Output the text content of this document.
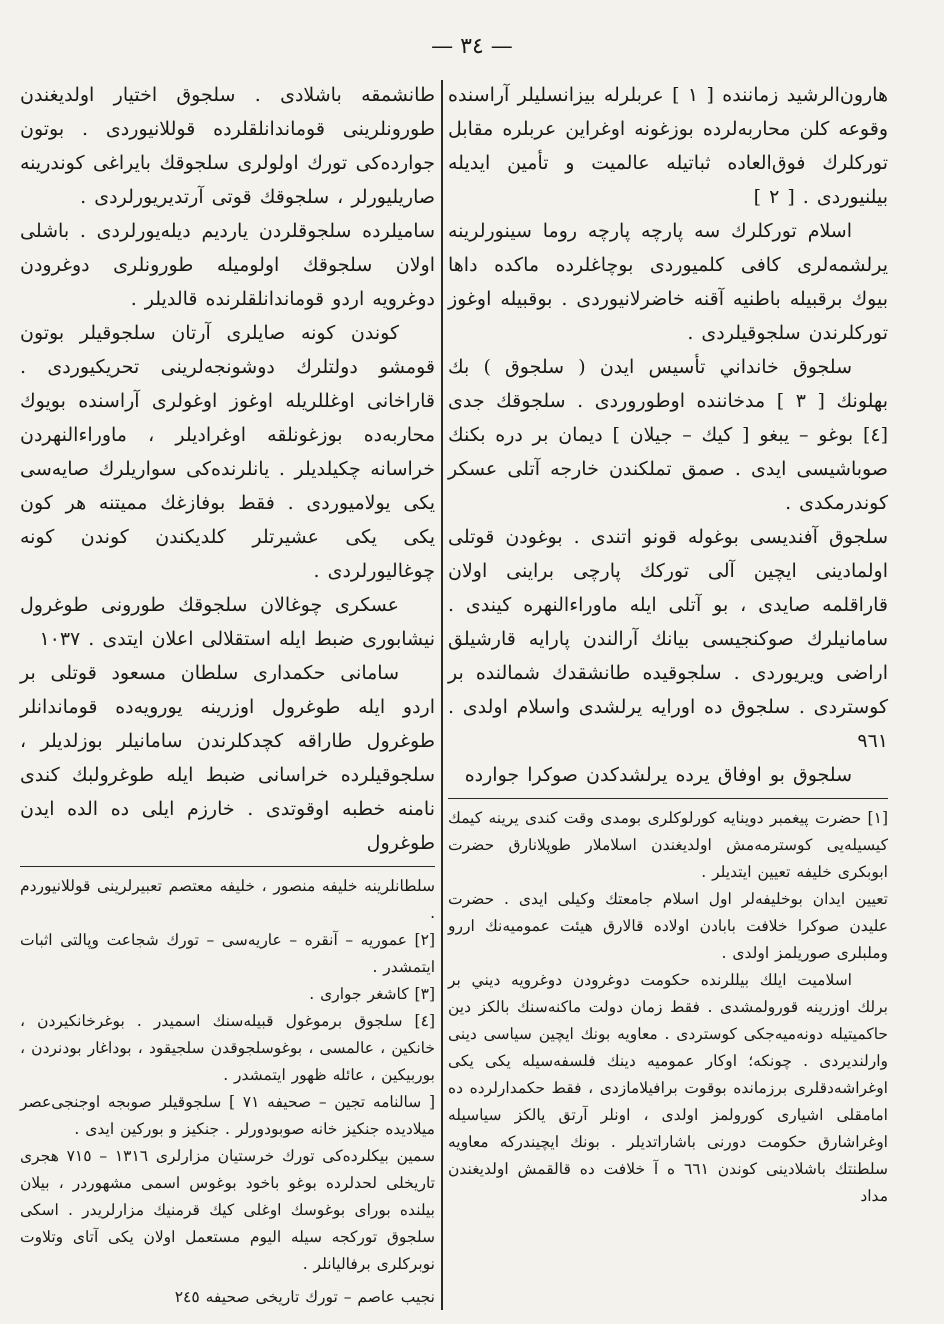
— ٣٤ —

هارون‌الرشيد زماننده [ ١ ] عربلرله بيزانسليلر آراسنده وقوعه كلن محاربه‌لرده بوزغونه اوغراين عربلره مقابل توركلرك فوق‌العاده ثباتيله عالميت و تأمين ايديله بيلنيوردی . [ ٢ ]

اسلام توركلرك سه پارچه پارچه روما سينورلرينه يرلشمه‌لری كافى كلميوردى بوچاغلرده ماكده داها بيوك برقبيله باطنيه آقنه خاضرلانيوردى . بوقبيله اوغوز توركلرندن سلجوقيلردى .

سلجوق خانداني تأسيس ايدن ( سلجوق ) بك بهلونك [ ٣ ] مدخاننده اوطوروردی . سلجوقك جدی [٤] بوغو – يبغو [ كيك – جيلان ] ديمان بر دره بكنك صوباشيسى ايدى . صمق تملكندن خارجه آتلی عسكر كوندرمكدى .

سلجوق آفنديسى بوغوله قونو اتندى . بوغودن قوتلى اولمادينى ايچين آلى توركك پارچى براينى اولان قاراقلمه صايدى ، بو آتلى ايله ماوراءالنهره كيندى . سامانيلرك صوكنجيسى بيانك آرالندن پارايه قارشيلق اراضى ويريوردى . سلجوقيده طانشقدك شمالنده بر كوستردى . سلجوق ده اورايه يرلشدى واسلام اولدى . ٩٦١

سلجوق بو اوفاق يرده يرلشدكدن صوكرا جوارده

[١] حضرت پيغمبر دوينايه كورلوكلرى بومدى وقت كندى يرينه كيمك كيسيله‌يى كوسترمه‌مش اولديغندن اسلاملار طوپلانارق حضرت ابوبكرى خليفه تعيين ايتديلر .

تعيين ايدان بوخليفه‌لر اول اسلام جامعتك وكيلى ايدى . حضرت عليدن صوكرا خلافت بابادن اولاده قالارق هيئت عموميه‌نك اررو وملبلرى صوريلمز اولدى .

اسلاميت ايلك بيللرنده حكومت دوغرودن دوغرويه ديني بر برلك اوزرينه قورولمشدی . فقط زمان دولت ماكنه‌سنك بالكز دين حاكميتيله دونه‌ميه‌جكى كوستردى . معاويه بونك ايچين سياسى دينى وارلنديردی . چونكه؛ اوكار عموميه دينك فلسفه‌سيله يكى يكى اوغراشه‌دقلرى برزمانده بوقوت برافيلامازدی ، فقط حكمدارلرده ده امامقلى اشيارى كورولمز اولدى ، اونلر آرتق يالكز سياسيله اوغراشارق حكومت دورنى باشاراتديلر . بونك ايچيندركه معاويه سلطنتك باشلادينى كوندن ٦٦١ ه آ خلافت ده قالقمش اولديغندن مداد

طانشمقه باشلادی . سلجوق اختيار اولديغندن طورونلرينى قوماندانلقلرده قوللانيوردى . بوتون جوارده‌كى تورك اولولرى سلجوقك بايراغى كوندرينه صاريليورلر ، سلجوقك قوتى آرتديريورلردى .

ساميلرده سلجوقلردن يارديم ديله‌يورلردى . باشلى اولان سلجوقك اولوميله طورونلرى دوغرودن دوغرويه اردو قوماندانلقلرنده قالديلر .

كوندن كونه صايلرى آرتان سلجوقيلر بوتون قومشو دولتلرك دوشونجه‌لرينى تحريكيوردى . قاراخانى اوغللريله اوغوز اوغولرى آراسنده بويوك محاربه‌ده بوزغونلقه اوغراديلر ، ماوراءالنهردن خراسانه چكيلديلر . يانلرنده‌كى سواريلرك صايه‌سى يكى يولاميوردى . فقط بوفازغك مميتنه هر كون يكى يكى عشيرتلر كلديكندن كوندن كونه چوغاليورلردى .

عسكرى چوغالان سلجوقك طورونى طوغرول نيشابورى ضبط ايله استقلالى اعلان ايتدى . ١٠٣٧

سامانى حكمدارى سلطان مسعود قوتلى بر اردو ايله طوغرول اوزرينه يورويه‌ده قوماندانلر طوغرول طاراقه كچدكلرندن سامانيلر بوزلديلر ، سلجوقيلرده خراسانى ضبط ايله طوغرولبك كندى نامنه خطبه اوقوتدى . خارزم ايلى ده الده ايدن طوغرول

سلطانلرينه خليفه منصور ، خليفه معتصم تعبيرلرينى قوللانيوردم .

[٢] عموريه – آنقره – عاريه‌سى – تورك شجاعت وپالتى اثبات ايتمشدر .

[٣] كاشغر جوارى .

[٤] سلجوق برموغول قبيله‌سنك اسميدر . بوغرخانكيردن ، خانكين ، عالمسى ، بوغوسلجوقدن سلجيقود ، بوداغار بودنردن ، بوربيكين ، عائله ظهور ايتمشدر .

[ سالنامه تجين – صحيفه ٧١ ] سلجوقيلر صوبجه اوجنجى‌عصر ميلاديده جنكيز خانه صوبودورلر . جنكيز و بوركين ايدى .

سمين بيكلرده‌كى تورك خرستيان مزارلرى ١٣١٦ – ٧١٥ هجرى تاريخلى لحدلرده بوغو باخود بوغوس اسمى مشهوردر ، بيلان بيلنده بوراى بوغوسك اوغلى كيك قرمنيك مزارلريدر . اسكى سلجوق توركجه سيله اليوم مستعمل اولان يكى آتاى وتلاوت نوبركلرى برفاليانلر .

نجيب عاصم – تورك تاريخى صحيفه ٢٤٥
